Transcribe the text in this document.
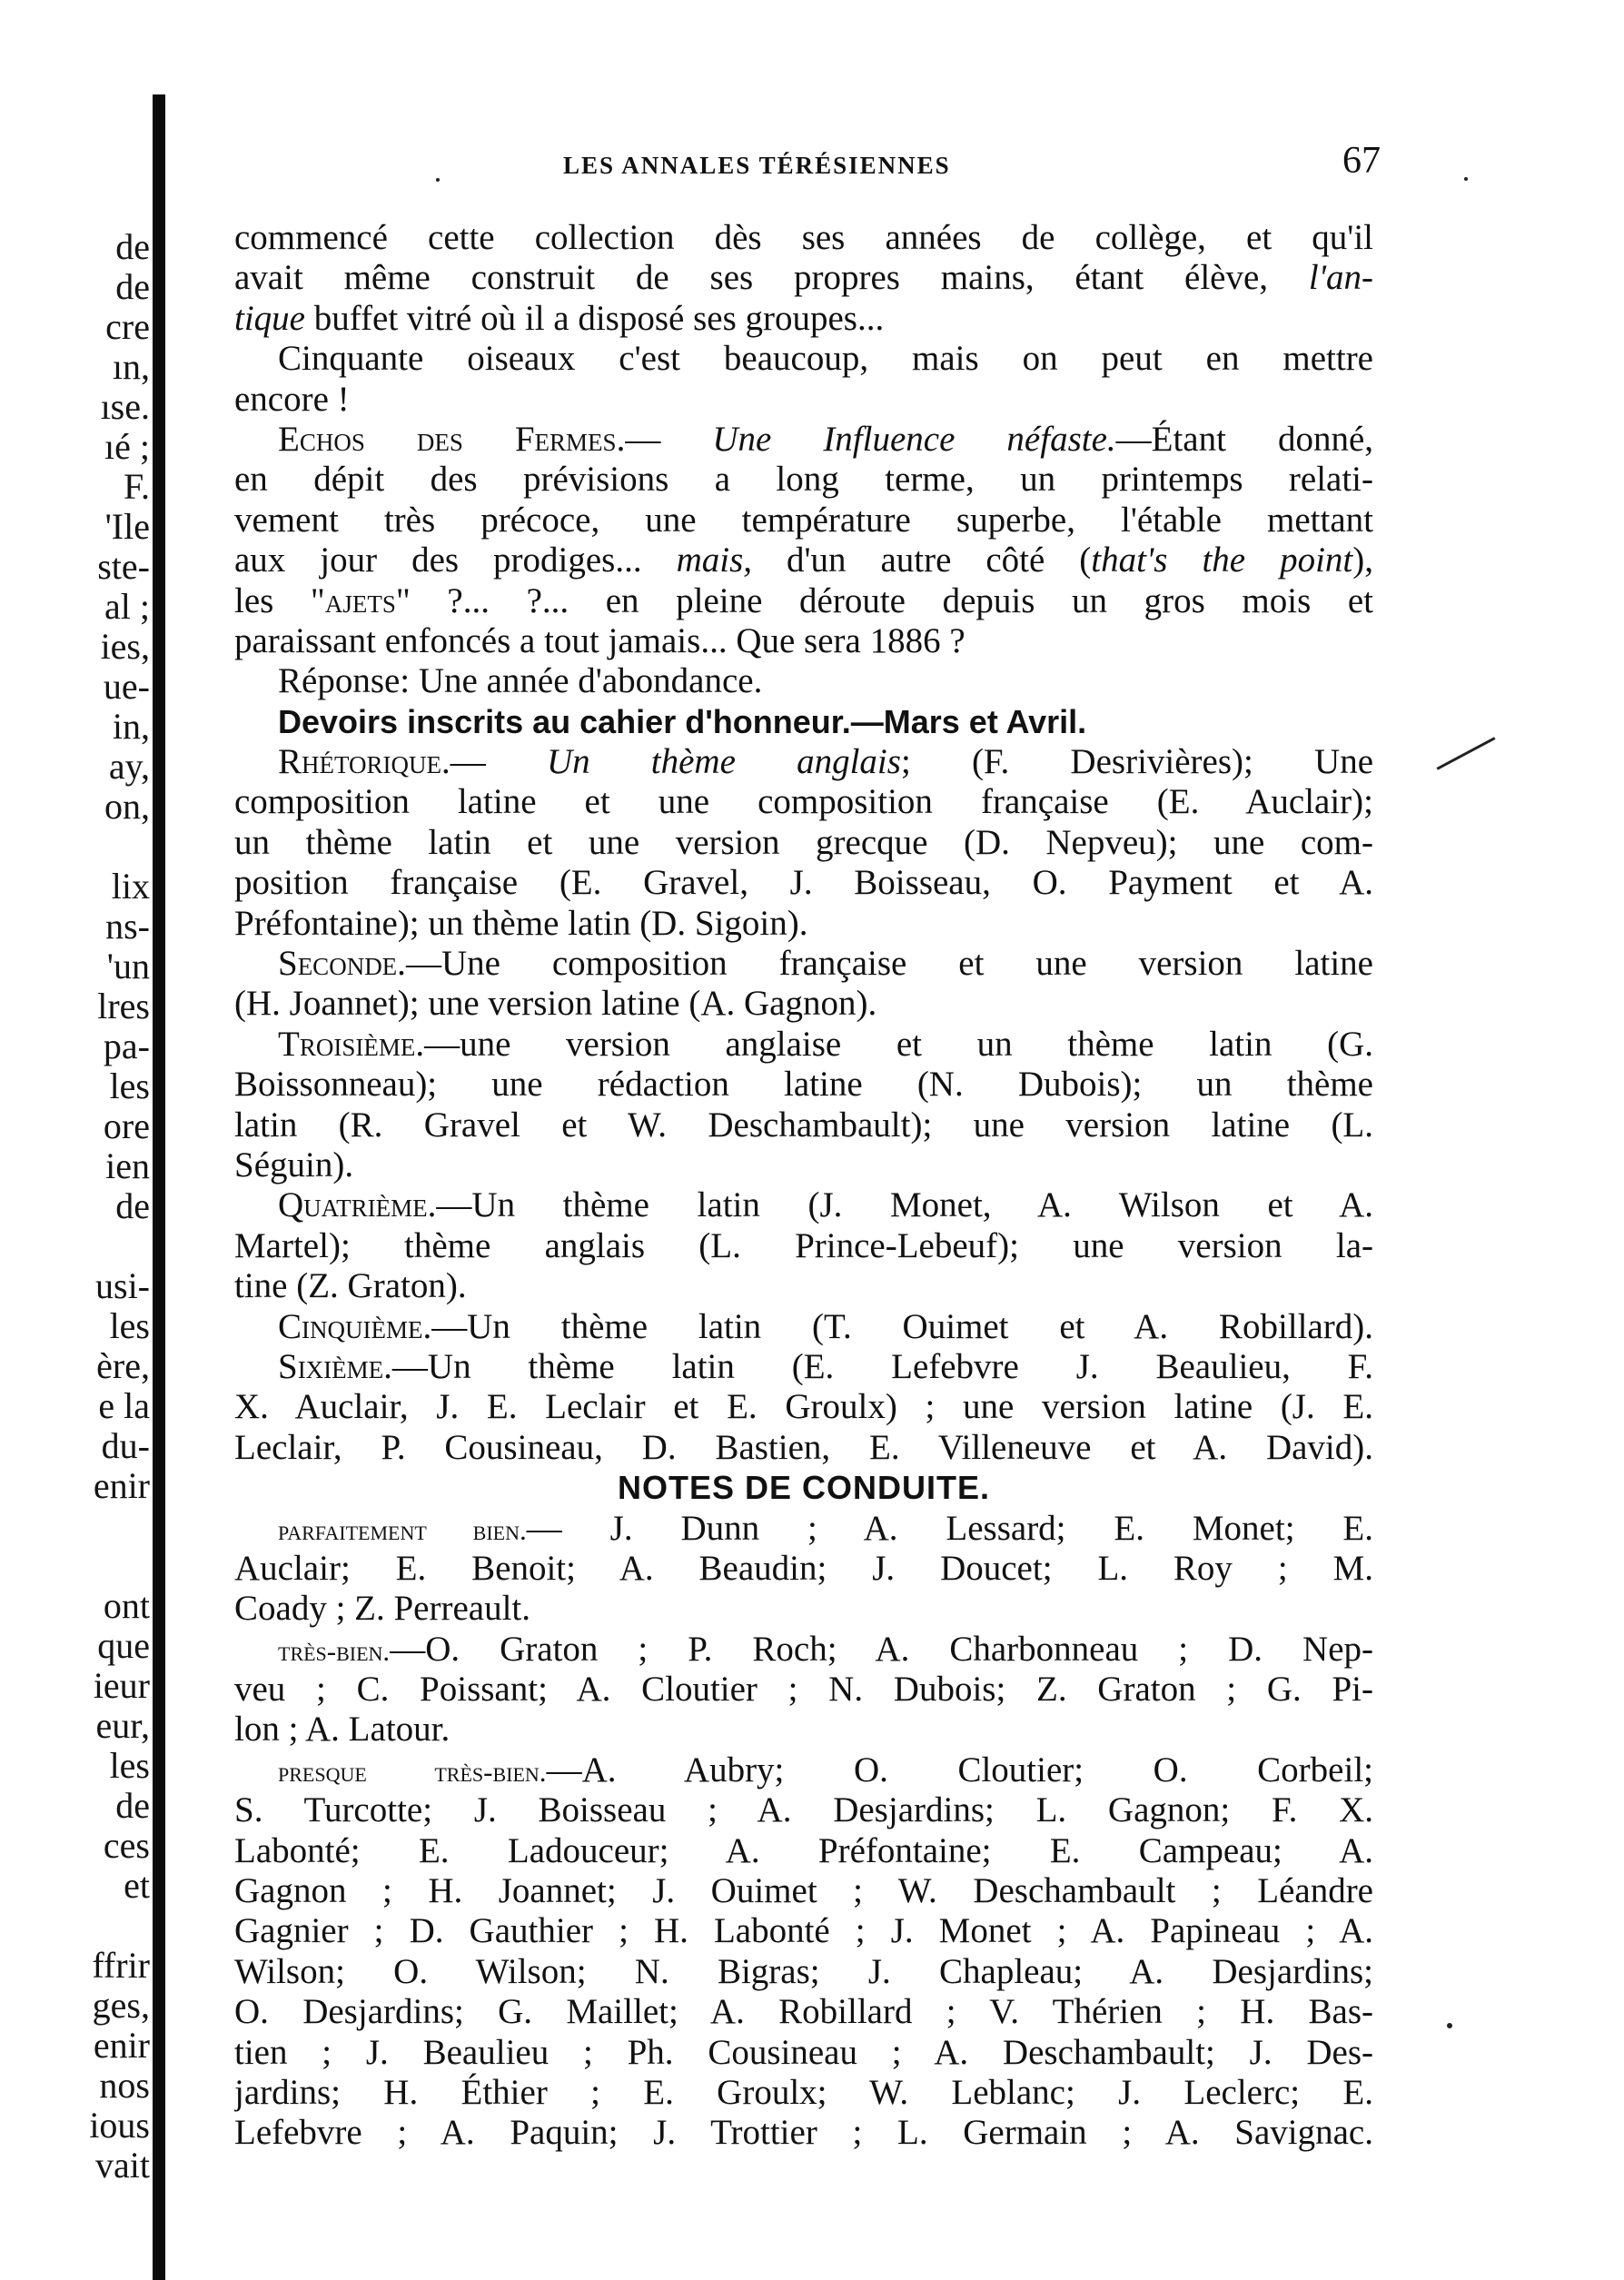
de
de
cre
ın,
ıse.
ıé ;
F.
'Ile
ste-
al ;
ies,
ue-
in,
ay,
on,
lix
ns-
'un
lres
pa-
les
ore
ien
de
usi-
les
ère,
e la
du-
enir
ont
que
ieur
eur,
les
de
ces
et
ffrir
ges,
enir
nos
ious
vait
LES ANNALES TÉRÉSIENNES	67
commencé cette collection dès ses années de collège, et qu'il
avait même construit de ses propres mains, étant élève, l'an-
tique buffet vitré où il a disposé ses groupes...
Cinquante oiseaux c'est beaucoup, mais on peut en mettre
encore !
Echos des Fermes.— Une Influence néfaste.—Étant donné,
en dépit des prévisions a long terme, un printemps relati-
vement très précoce, une température superbe, l'étable mettant
aux jour des prodiges... mais, d'un autre côté (that's the point),
les "ajets" ?... ?... en pleine déroute depuis un gros mois et
paraissant enfoncés a tout jamais... Que sera 1886 ?
Réponse: Une année d'abondance.
Devoirs inscrits au cahier d'honneur.—Mars et Avril.
Rhétorique.— Un thème anglais; (F. Desrivières); Une
composition latine et une composition française (E. Auclair);
un thème latin et une version grecque (D. Nepveu); une com-
position française (E. Gravel, J. Boisseau, O. Payment et A.
Préfontaine); un thème latin (D. Sigoin).
Seconde.—Une composition française et une version latine
(H. Joannet); une version latine (A. Gagnon).
Troisième.—une version anglaise et un thème latin (G.
Boissonneau); une rédaction latine (N. Dubois); un thème
latin (R. Gravel et W. Deschambault); une version latine (L.
Séguin).
Quatrième.—Un thème latin (J. Monet, A. Wilson et A.
Martel); thème anglais (L. Prince-Lebeuf); une version la-
tine (Z. Graton).
Cinquième.—Un thème latin (T. Ouimet et A. Robillard).
Sixième.—Un thème latin (E. Lefebvre J. Beaulieu, F.
X. Auclair, J. E. Leclair et E. Groulx) ; une version latine (J. E.
Leclair, P. Cousineau, D. Bastien, E. Villeneuve et A. David).
NOTES DE CONDUITE.
parfaitement bien.— J. Dunn ; A. Lessard; E. Monet; E.
Auclair; E. Benoit; A. Beaudin; J. Doucet; L. Roy ; M.
Coady ; Z. Perreault.
très-bien.—O. Graton ; P. Roch; A. Charbonneau ; D. Nep-
veu ; C. Poissant; A. Cloutier ; N. Dubois; Z. Graton ; G. Pi-
lon ; A. Latour.
presque très-bien.—A. Aubry; O. Cloutier; O. Corbeil;
S. Turcotte; J. Boisseau ; A. Desjardins; L. Gagnon; F. X.
Labonté; E. Ladouceur; A. Préfontaine; E. Campeau; A.
Gagnon ; H. Joannet; J. Ouimet ; W. Deschambault ; Léandre
Gagnier ; D. Gauthier ; H. Labonté ; J. Monet ; A. Papineau ; A.
Wilson; O. Wilson; N. Bigras; J. Chapleau; A. Desjardins;
O. Desjardins; G. Maillet; A. Robillard ; V. Thérien ; H. Bas-
tien ; J. Beaulieu ; Ph. Cousineau ; A. Deschambault; J. Des-
jardins; H. Éthier ; E. Groulx; W. Leblanc; J. Leclerc; E.
Lefebvre ; A. Paquin; J. Trottier ; L. Germain ; A. Savignac.
